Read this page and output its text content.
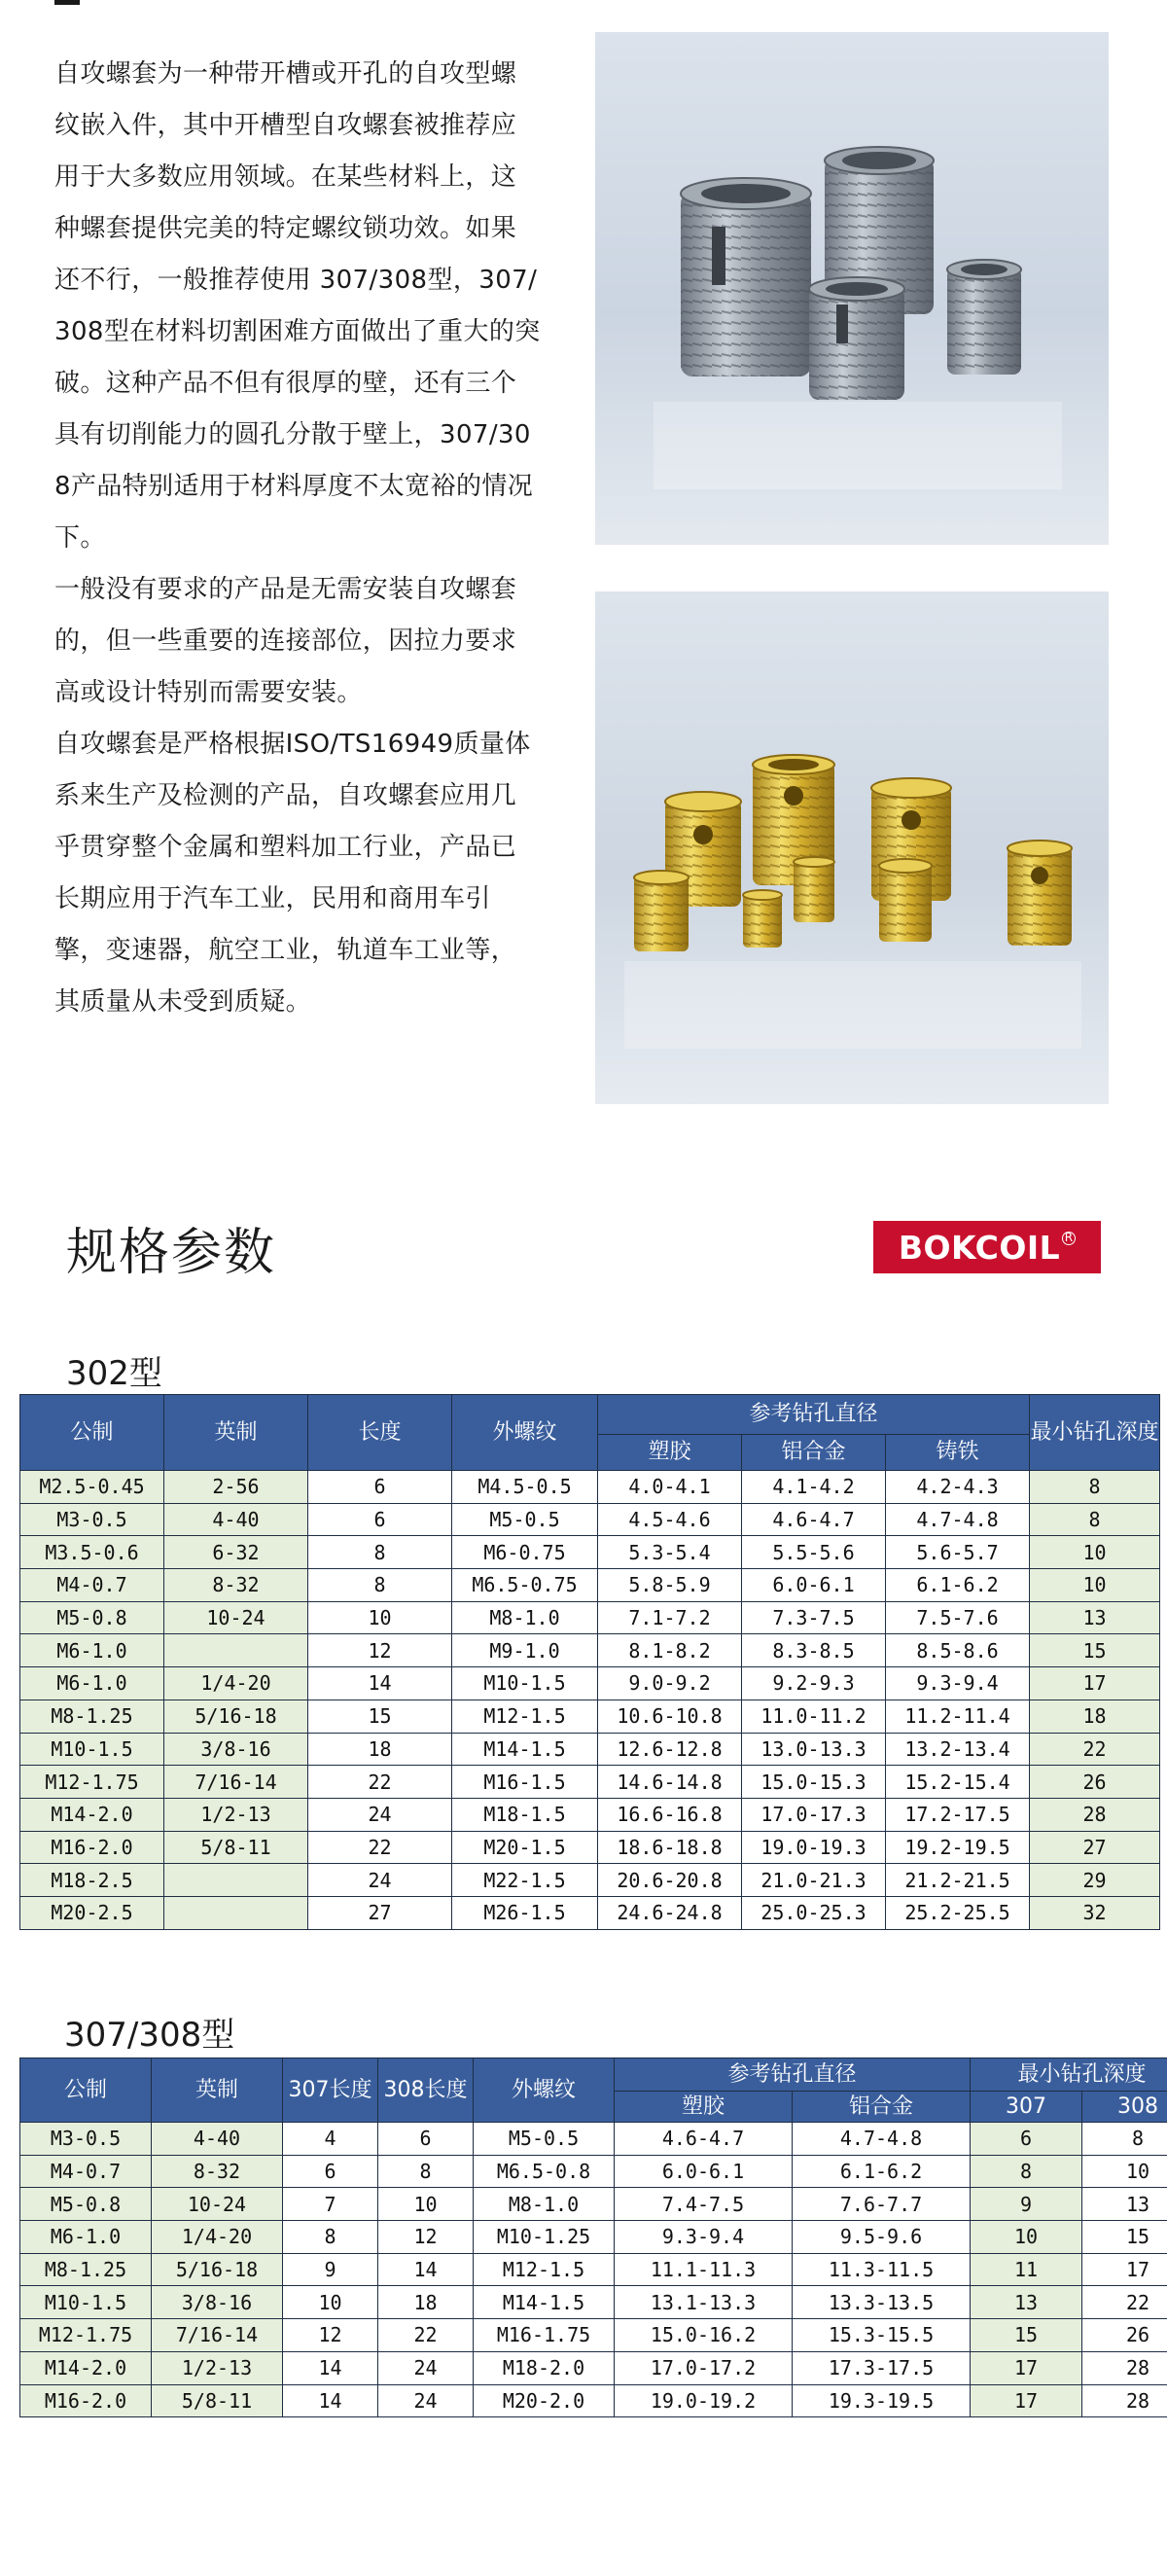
自攻螺套为一种带开槽或开孔的自攻型螺纹嵌入件，其中开槽型自攻螺套被推荐应用于大多数应用领域。在某些材料上，这种螺套提供完美的特定螺纹锁功效。如果还不行，一般推荐使用 307/308型，307/308型在材料切割困难方面做出了重大的突破。这种产品不但有很厚的壁，还有三个具有切削能力的圆孔分散于壁上，307/308产品特别适用于材料厚度不太宽裕的情况下。

一般没有要求的产品是无需安装自攻螺套的，但一些重要的连接部位，因拉力要求高或设计特别而需要安装。

自攻螺套是严格根据ISO/TS16949质量体系来生产及检测的产品，自攻螺套应用几乎贯穿整个金属和塑料加工行业，产品已长期应用于汽车工业，民用和商用车引擎，变速器，航空工业，轨道车工业等，其质量从未受到质疑。

规格参数	BOKCOIL $^R$
302型
公制	英制	长度	外螺纹	参考钻孔直径			最小钻孔深度
				塑胶	铝合金	铸铁	
M2.5-0.45	2-56	6	M4.5-0.5	4.0-4.1	4.1-4.2	4.2-4.3	8
M3-0.5	4-40	6	M5-0.5	4.5-4.6	4.6-4.7	4.7-4.8	8
M3.5-0.6	6-32	8	M6-0.75	5.3-5.4	5.5-5.6	5.6-5.7	10
M4-0.7	8-32	8	M6.5-0.75	5.8-5.9	6.0-6.1	6.1-6.2	10
M5-0.8	10-24	10	M8-1.0	7.1-7.2	7.3-7.5	7.5-7.6	13
M6-1.0		12	M9-1.0	8.1-8.2	8.3-8.5	8.5-8.6	15
M6-1.0	1/4-20	14	M10-1.5	9.0-9.2	9.2-9.3	9.3-9.4	17
M8-1.25	5/16-18	15	M12-1.5	10.6-10.8	11.0-11.2	11.2-11.4	18
M10-1.5	3/8-16	18	M14-1.5	12.6-12.8	13.0-13.3	13.2-13.4	22
M12-1.75	7/16-14	22	M16-1.5	14.6-14.8	15.0-15.3	15.2-15.4	26
M14-2.0	1/2-13	24	M18-1.5	16.6-16.8	17.0-17.3	17.2-17.5	28
M16-2.0	5/8-11	22	M20-1.5	18.6-18.8	19.0-19.3	19.2-19.5	27
M18-2.5		24	M22-1.5	20.6-20.8	21.0-21.3	21.2-21.5	29
M20-2.5		27	M26-1.5	24.6-24.8	25.0-25.3	25.2-25.5	32
307/308型
公制	英制	307长度	308长度	外螺纹	参考钻孔直径		最小钻孔深度	
					塑胶	铝合金	307	308
M3-0.5	4-40	4	6	M5-0.5	4.6-4.7	4.7-4.8	6	8
M4-0.7	8-32	6	8	M6.5-0.8	6.0-6.1	6.1-6.2	8	10
M5-0.8	10-24	7	10	M8-1.0	7.4-7.5	7.6-7.7	9	13
M6-1.0	1/4-20	8	12	M10-1.25	9.3-9.4	9.5-9.6	10	15
M8-1.25	5/16-18	9	14	M12-1.5	11.1-11.3	11.3-11.5	11	17
M10-1.5	3/8-16	10	18	M14-1.5	13.1-13.3	13.3-13.5	13	22
M12-1.75	7/16-14	12	22	M16-1.75	15.0-16.2	15.3-15.5	15	26
M14-2.0	1/2-13	14	24	M18-2.0	17.0-17.2	17.3-17.5	17	28
M16-2.0	5/8-11	14	24	M20-2.0	19.0-19.2	19.3-19.5	17	28
